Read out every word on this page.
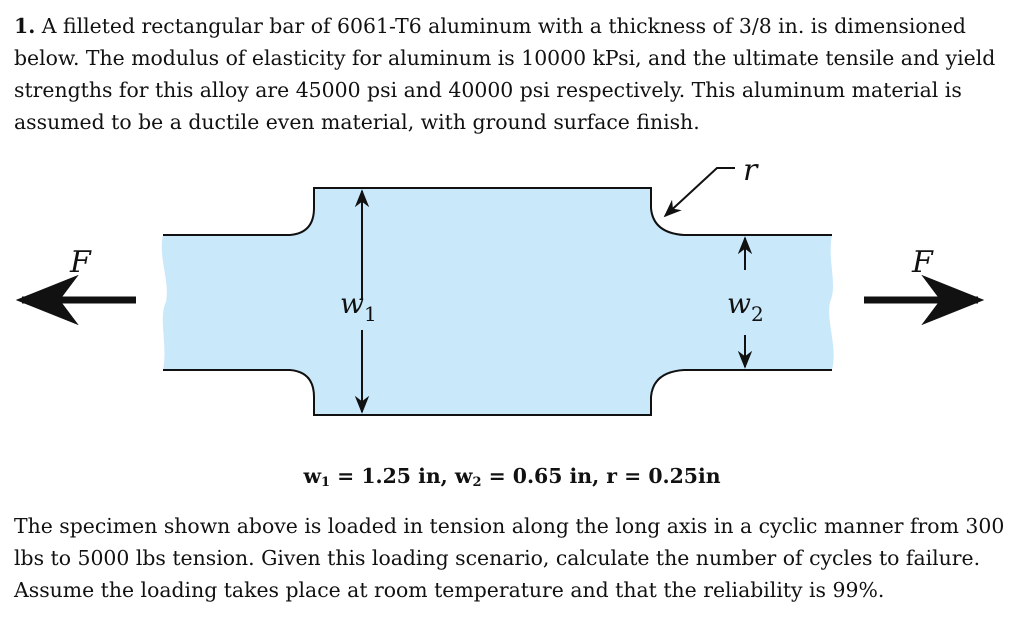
1. A filleted rectangular bar of 6061-T6 aluminum with a thickness of 3/8 in. is dimensioned below. The modulus of elasticity for aluminum is 10000 kPsi, and the ultimate tensile and yield strengths for this alloy are 45000 psi and 40000 psi respectively. This aluminum material is assumed to be a ductile even material, with ground surface finish.

$w_1$	$w_2$
r
F	F
$w_1 = 1.25$ in, $w_2 = 0.65$ in, r = 0.25in

The specimen shown above is loaded in tension along the long axis in a cyclic manner from 300 lbs to 5000 lbs tension. Given this loading scenario, calculate the number of cycles to failure. Assume the loading takes place at room temperature and that the reliability is 99%.
